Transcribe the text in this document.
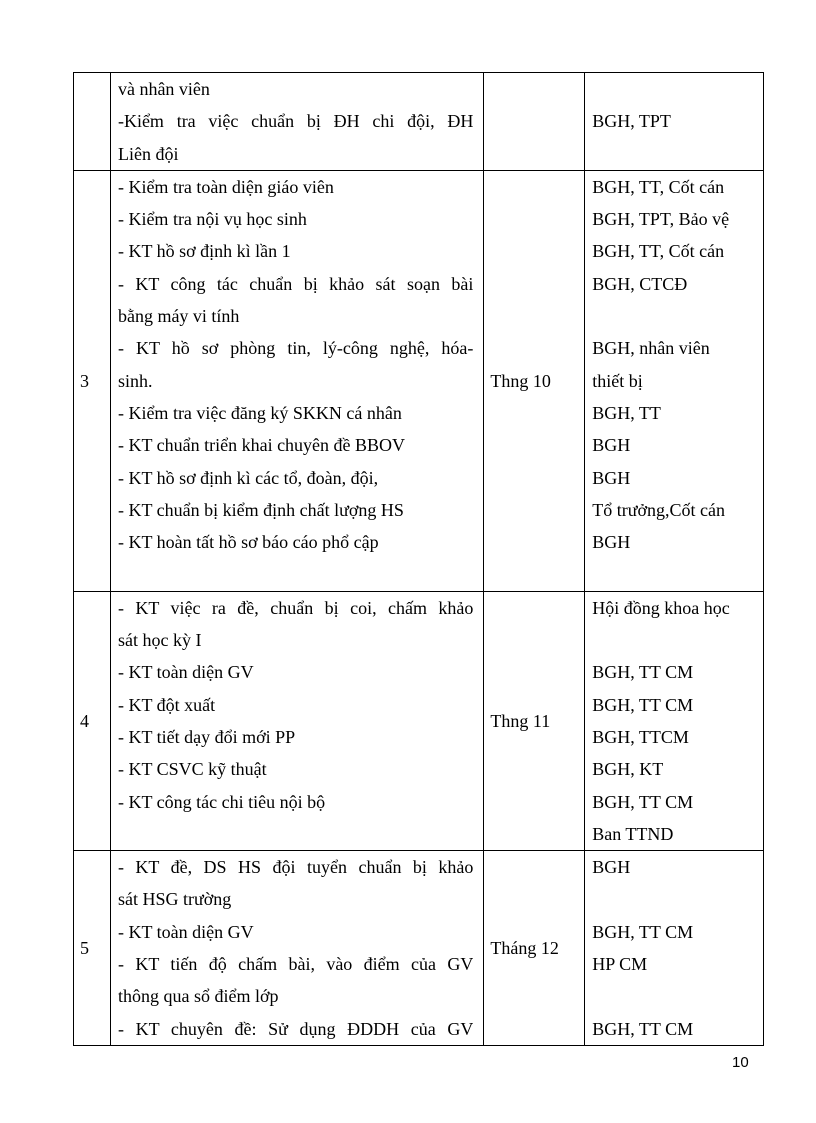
và nhân viên
-Kiểm tra việc chuẩn bị ĐH chi đội, ĐH
Liên đội
BGH, TPT
3
- Kiểm tra toàn diện giáo viên
- Kiểm tra nội vụ học sinh
- KT hồ sơ định kì lần 1
- KT công tác chuẩn bị khảo sát soạn bài
bằng máy vi tính
- KT hồ sơ phòng tin, lý-công nghệ, hóa-
sinh.
- Kiểm tra việc đăng ký SKKN cá nhân
- KT chuẩn triển khai chuyên đề BBOV
- KT hồ sơ định kì các tổ, đoàn, đội,
- KT chuẩn bị kiểm định chất lượng HS
- KT hoàn tất hồ sơ báo cáo phổ cập
Thng 10
BGH, TT, Cốt cán
BGH, TPT, Bảo vệ
BGH, TT, Cốt cán
BGH, CTCĐ
BGH, nhân viên
thiết bị
BGH, TT
BGH
BGH
Tổ trưởng,Cốt cán
BGH
4
- KT việc ra đề, chuẩn bị coi, chấm khảo
sát học kỳ I
- KT toàn diện GV
- KT đột xuất
- KT tiết dạy đổi mới PP
- KT CSVC kỹ thuật
- KT công tác chi tiêu nội bộ
Thng 11
Hội đồng khoa học
BGH, TT CM
BGH, TT CM
BGH, TTCM
BGH, KT
BGH, TT CM
Ban TTND
5
- KT đề, DS HS đội tuyển chuẩn bị khảo
sát HSG trường
- KT toàn diện GV
- KT tiến độ chấm bài, vào điểm của GV
thông qua sổ điểm lớp
- KT chuyên đề: Sử dụng ĐDDH của GV
Tháng 12
BGH
BGH, TT CM
HP CM
BGH, TT CM
10
